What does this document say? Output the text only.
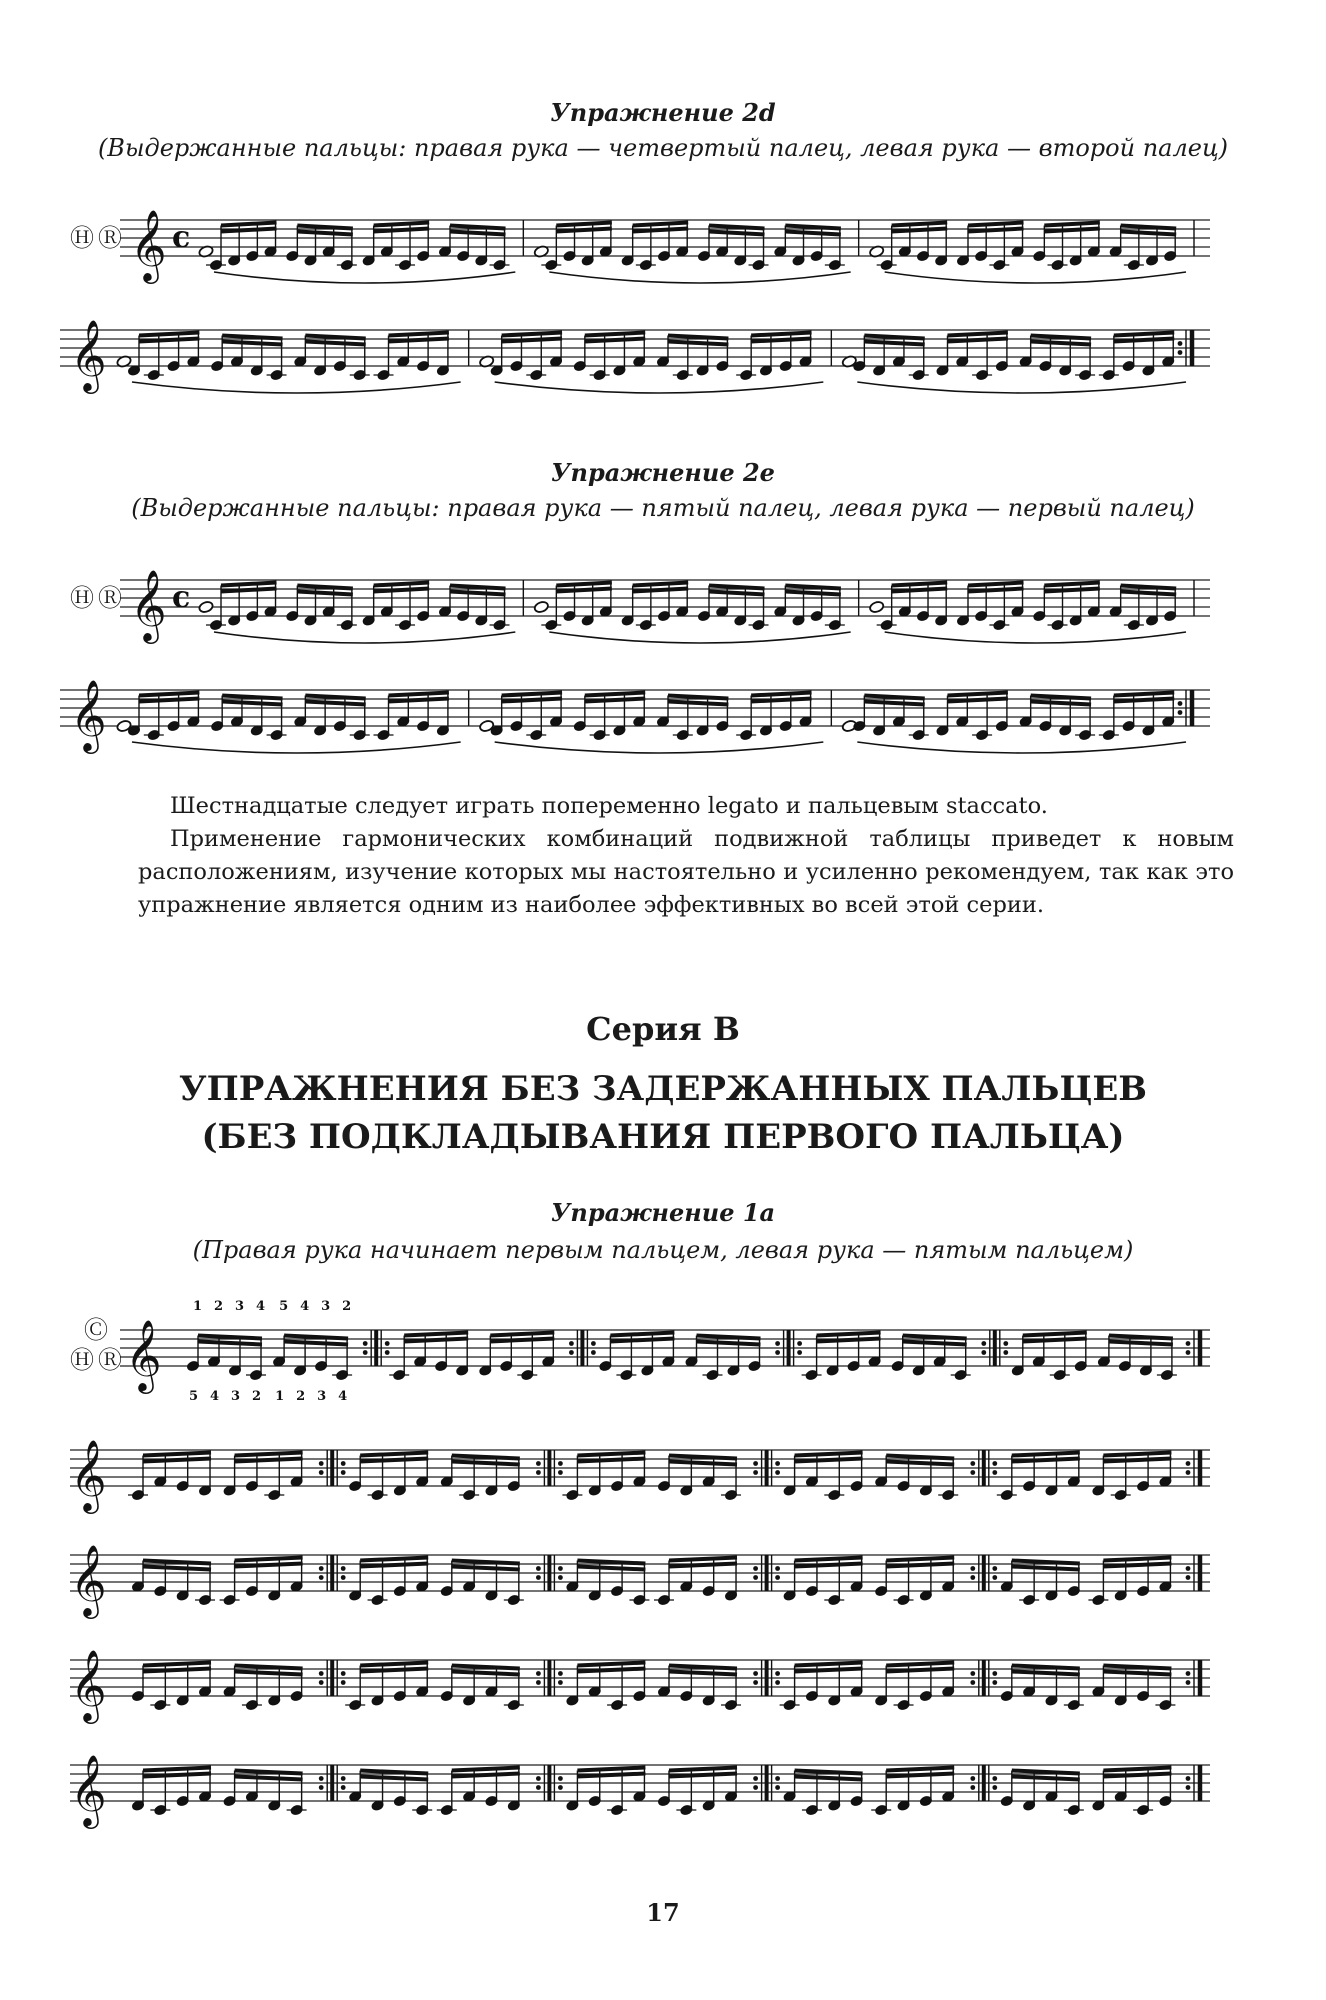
Упражнение 2d
(Выдержанные пальцы: правая рука — четвертый палец, левая рука — второй палец)
Ⓗ Ⓡ 𝄞 c
𝄞
Упражнение 2e
(Выдержанные пальцы: правая рука — пятый палец, левая рука — первый палец)
Ⓗ Ⓡ 𝄞 c
𝄞

Шестнадцатые следует играть попеременно legato и пальцевым staccato.

Применение гармонических комбинаций подвижной таблицы приведет к новым расположениям, изучение которых мы настоятельно и усиленно рекомендуем, так как это упражнение является одним из наиболее эффективных во всей этой серии.

Серия B
УПРАЖНЕНИЯ БЕЗ ЗАДЕРЖАННЫХ ПАЛЬЦЕВ
(БЕЗ ПОДКЛАДЫВАНИЯ ПЕРВОГО ПАЛЬЦА)
Упражнение 1a
(Правая рука начинает первым пальцем, левая рука — пятым пальцем)
Ⓒ
Ⓗ Ⓡ 𝄞
1 2 3 4
5 4 3 2
5 4 3 2
1 2 3 4
𝄞
𝄞
𝄞
𝄞
17
